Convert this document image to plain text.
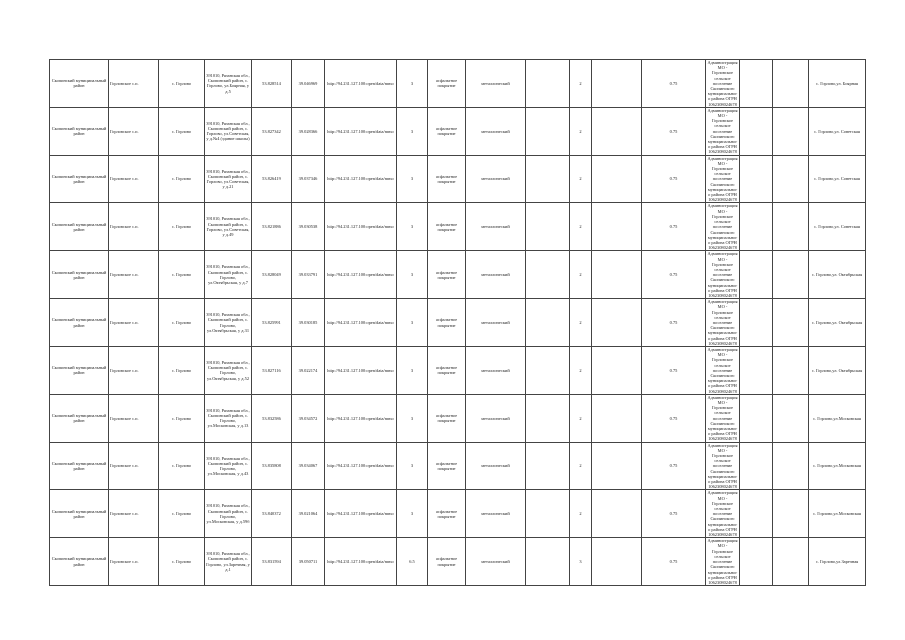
Скопинский муниципальный район	Горловское с.п.	с. Горлово	391010, Рязанская обл., Скопинский район, с. Горлово, ул.Боярная, у д.5	53.828514	39.046969	http://94.231.127.100:open/data/mmo	3	асфальтное покрытие	металлический		2		0.75	Администрация МО - Горловское сельское поселение Скопинского муниципального района ОГРН 1062308024678			с. Горлово,ул. Боярная
Скопинский муниципальный район	Горловское с.п.	с. Горлово	391010, Рязанская обл., Скопинский район, с. Горлово, ул.Советская, у д.№4 (здание школы)	53.827342	39.028366	http://94.231.127.100:open/data/mmo	3	асфальтное покрытие	металлический		2		0.75	Администрация МО - Горловское сельское поселение Скопинского муниципального района ОГРН 1062308024678			с. Горлово,ул. Советская
Скопинский муниципальный район	Горловское с.п.	с. Горлово	391010, Рязанская обл., Скопинский район, с. Горлово, ул.Советская, у д.21	53.826419	39.037346	http://94.231.127.100:open/data/mmo	3	асфальтное покрытие	металлический		2		0.75	Администрация МО - Горловское сельское поселение Скопинского муниципального района ОГРН 1062308024678			с. Горлово,ул. Советская
Скопинский муниципальный район	Горловское с.п.	с. Горлово	391010, Рязанская обл., Скопинский район, с. Горлово, ул.Советская, у д.49	53.821886	39.030538	http://94.231.127.100:open/data/mmo	3	асфальтное покрытие	металлический		2		0.75	Администрация МО - Горловское сельское поселение Скопинского муниципального района ОГРН 1062308024678			с. Горлово,ул. Советская
Скопинский муниципальный район	Горловское с.п.	с. Горлово	391010, Рязанская обл., Скопинский район, с. Горлово, ул.Октябрьская, у д.7	53.828049	39.033791	http://94.231.127.100:open/data/mmo	3	асфальтное покрытие	металлический		2		0.75	Администрация МО - Горловское сельское поселение Скопинского муниципального района ОГРН 1062308024678			с. Горлово,ул. Октябрьская
Скопинский муниципальный район	Горловское с.п.	с. Горлово	391010, Рязанская обл., Скопинский район, с. Горлово, ул.Октябрьская, у д.31	53.825991	39.030185	http://94.231.127.100:open/data/mmo	3	асфальтное покрытие	металлический		2		0.75	Администрация МО - Горловское сельское поселение Скопинского муниципального района ОГРН 1062308024678			с. Горлово,ул. Октябрьская
Скопинский муниципальный район	Горловское с.п.	с. Горлово	391010, Рязанская обл., Скопинский район, с. Горлово, ул.Октябрьская, у д.52	53.827116	39.022174	http://94.231.127.100:open/data/mmo	3	асфальтное покрытие	металлический		2		0.75	Администрация МО - Горловское сельское поселение Скопинского муниципального района ОГРН 1062308024678			с. Горлово,ул. Октябрьская
Скопинский муниципальный район	Горловское с.п.	с. Горлово	391010, Рязанская обл., Скопинский район, с. Горлово, ул.Московская, у д.13	53.832586	39.034572	http://94.231.127.100:open/data/mmo	3	асфальтное покрытие	металлический		2		0.75	Администрация МО - Горловское сельское поселение Скопинского муниципального района ОГРН 1062308024678			с. Горлово,ул.Московская
Скопинский муниципальный район	Горловское с.п.	с. Горлово	391010, Рязанская обл., Скопинский район, с. Горлово, ул.Московская, у д.43	53.835808	39.034067	http://94.231.127.100:open/data/mmo	3	асфальтное покрытие	металлический		2		0.75	Администрация МО - Горловское сельское поселение Скопинского муниципального района ОГРН 1062308024678			с. Горлово,ул.Московская
Скопинский муниципальный район	Горловское с.п.	с. Горлово	391010, Рязанская обл., Скопинский район, с. Горлово, ул.Московская, у д.59б	53.840372	39.021064	http://94.231.127.100:open/data/mmo	3	асфальтное покрытие	металлический		2		0.75	Администрация МО - Горловское сельское поселение Скопинского муниципального района ОГРН 1062308024678			с. Горлово,ул.Московская
Скопинский муниципальный район	Горловское с.п.	с. Горлово	391010, Рязанская обл., Скопинский район, с. Горлово, ул.Заречная, у д.1	53.831594	39.050711	http://94.231.127.100:open/data/mmo	6.5	асфальтное покрытие	металлический		3		0.75	Администрация МО - Горловское сельское поселение Скопинского муниципального района ОГРН 1062308024678			с. Горлово,ул.Заречная
